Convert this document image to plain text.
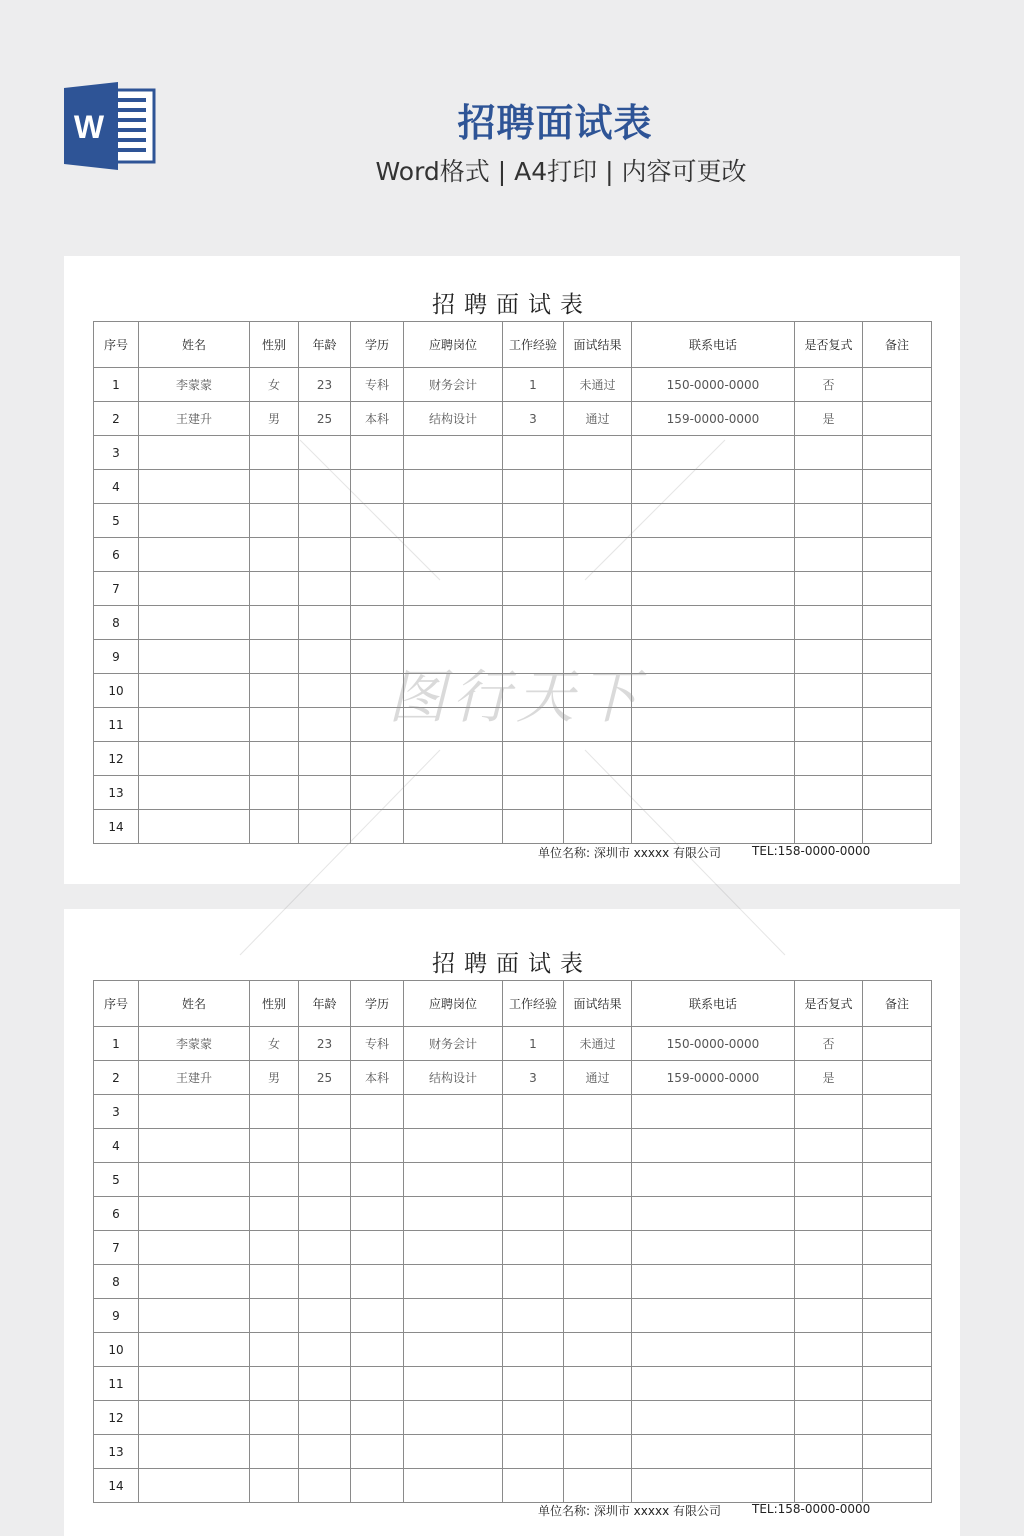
W	招聘面试表
Word格式 | A4打印 | 内容可更改
招聘面试表
序号	姓名	性别	年龄	学历	应聘岗位	工作经验	面试结果	联系电话	是否复式	备注
1	李蒙蒙	女	23	专科	财务会计	1	未通过	150-0000-0000	否	
2	王建升	男	25	本科	结构设计	3	通过	159-0000-0000	是	
3										
4										
5										
6										
7										
8										
9										
10										
11										
12										
13										
14										
单位名称: 深圳市 xxxxx 有限公司	TEL:158-0000-0000
招聘面试表
序号	姓名	性别	年龄	学历	应聘岗位	工作经验	面试结果	联系电话	是否复式	备注
1	李蒙蒙	女	23	专科	财务会计	1	未通过	150-0000-0000	否	
2	王建升	男	25	本科	结构设计	3	通过	159-0000-0000	是	
3										
4										
5										
6										
7										
8										
9										
10										
11										
12										
13										
14										
单位名称: 深圳市 xxxxx 有限公司	TEL:158-0000-0000
图行天下
